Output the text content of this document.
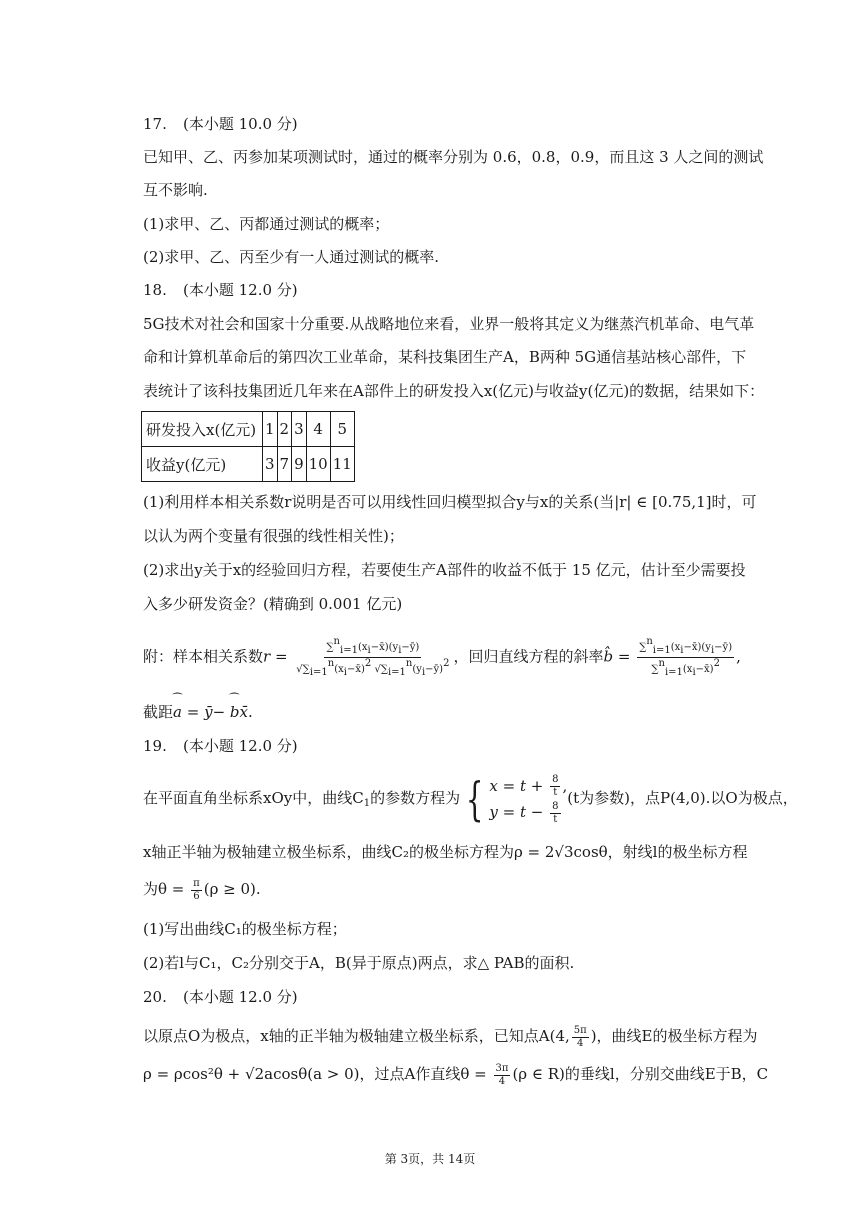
17. (本小题 10.0 分)
已知甲、乙、丙参加某项测试时，通过的概率分别为 0.6，0.8，0.9，而且这 3 人之间的测试
互不影响.
(1)求甲、乙、丙都通过测试的概率；
(2)求甲、乙、丙至少有一人通过测试的概率.
18. (本小题 12.0 分)
5G技术对社会和国家十分重要.从战略地位来看，业界一般将其定义为继蒸汽机革命、电气革
命和计算机革命后的第四次工业革命，某科技集团生产A，B两种 5G通信基站核心部件，下
表统计了该科技集团近几年来在A部件上的研发投入x(亿元)与收益y(亿元)的数据，结果如下：
研发投入x(亿元)	1	2	3	4	5
收益y(亿元)	3	7	9	10	11
(1)利用样本相关系数r说明是否可以用线性回归模型拟合y与x的关系(当|r| ∈ [0.75,1]时，可
以认为两个变量有很强的线性相关性)；
(2)求出y关于x的经验回归方程，若要使生产A部件的收益不低于 15 亿元，估计至少需要投
入多少研发资金？(精确到 0.001 亿元)
附：样本相关系数$r = \frac{\sum ni=1(xi-x̄)(yi-ȳ)}{√\sum i=1n(xi-x̄)2 √\sum i=1n(yi-ȳ)2}$ ，回归直线方程的斜率b̂ = $\frac{\sum ni=1(xi-x̄)(yi-ȳ)}{\sum ni=1(xi-x̄)2}$ ,
截距⁀ a = ȳ− ⁀ bx̄.
19. (本小题 12.0 分)
在平面直角坐标系xOy中，曲线$C_1$的参数方程为 { $x = t + \frac{8}{t}$ ,
$y = t - \frac{8}{t}$
(t为参数)，点P(4,0).以O为极点，
x轴正半轴为极轴建立极坐标系，曲线C₂的极坐标方程为ρ = 2√3cosθ，射线l的极坐标方程
为$\theta = \frac{\pi}{6} (\rho \ge 0)$.
(1)写出曲线C₁的极坐标方程；
(2)若l与C₁，C₂分别交于A，B(异于原点)两点，求△ PAB的面积.
20. (本小题 12.0 分)
以原点O为极点，x轴的正半轴为极轴建立极坐标系，已知点A(4, $\frac{5\pi}{4}$ )，曲线E的极坐标方程为
ρ = ρcos²θ + √2acosθ(a > 0)，过点A作直线$\theta = \frac{3\pi}{4} (\rho$ ∈ R)的垂线l，分别交曲线E于B，C
第 3页，共 14页
